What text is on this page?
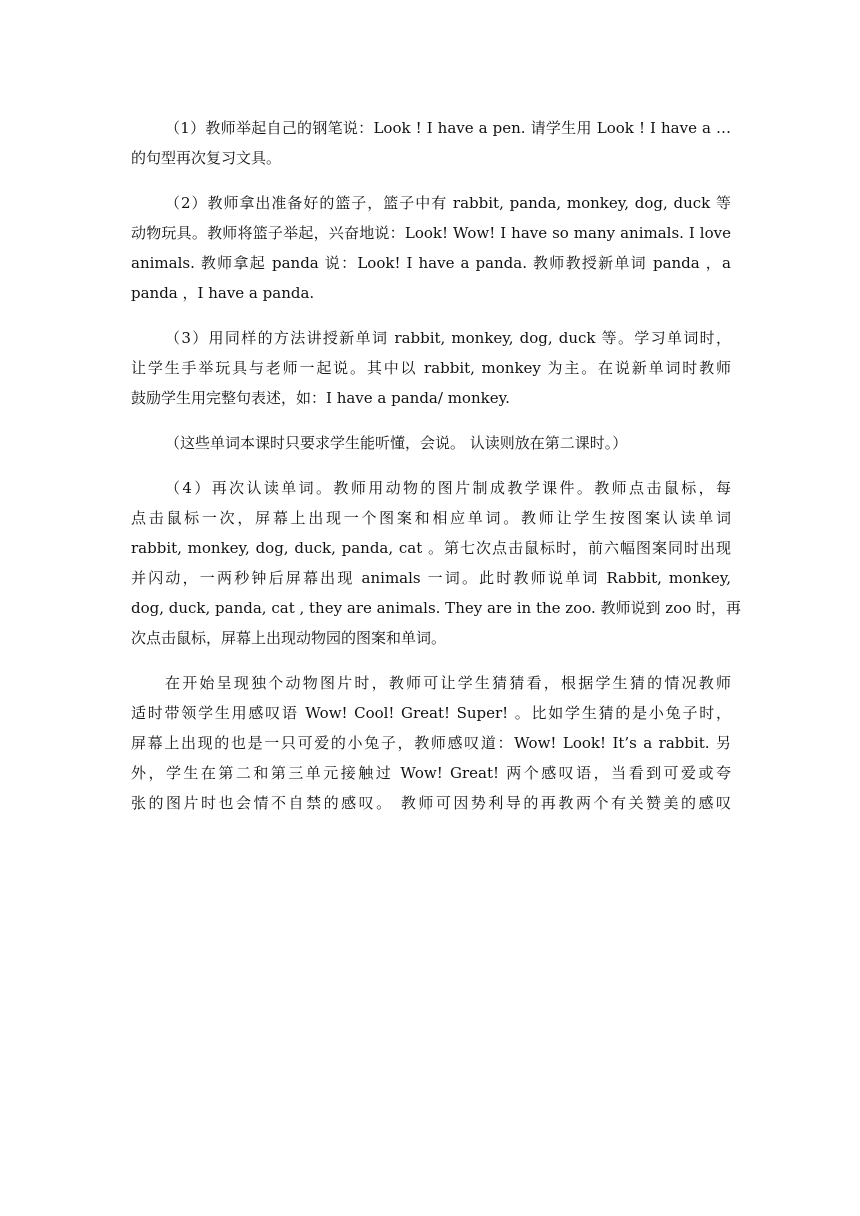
（1）教师举起自己的钢笔说：Look ! I have a pen. 请学生用 Look ! I have a …
的句型再次复习文具。

（2）教师拿出准备好的篮子，篮子中有 rabbit, panda, monkey, dog, duck 等
动物玩具。教师将篮子举起，兴奋地说：Look! Wow! I have so many animals. I love
animals. 教师拿起 panda 说：Look! I have a panda. 教师教授新单词 panda ，a
panda ，I have a panda.

（3）用同样的方法讲授新单词 rabbit, monkey, dog, duck 等。学习单词时，
让学生手举玩具与老师一起说。其中以 rabbit, monkey 为主。在说新单词时教师
鼓励学生用完整句表述，如：I have a panda/ monkey.

（这些单词本课时只要求学生能听懂，会说。 认读则放在第二课时。）

（4）再次认读单词。教师用动物的图片制成教学课件。教师点击鼠标，每
点击鼠标一次，屏幕上出现一个图案和相应单词。教师让学生按图案认读单词
rabbit, monkey, dog, duck, panda, cat 。第七次点击鼠标时，前六幅图案同时出现
并闪动，一两秒钟后屏幕出现 animals 一词。此时教师说单词 Rabbit, monkey,
dog, duck, panda, cat , they are animals. They are in the zoo. 教师说到 zoo 时，再
次点击鼠标，屏幕上出现动物园的图案和单词。

在开始呈现独个动物图片时，教师可让学生猜猜看，根据学生猜的情况教师
适时带领学生用感叹语 Wow! Cool! Great! Super! 。比如学生猜的是小兔子时，
屏幕上出现的也是一只可爱的小兔子，教师感叹道：Wow! Look! It’s a rabbit. 另
外，学生在第二和第三单元接触过 Wow! Great! 两个感叹语，当看到可爱或夸
张的图片时也会情不自禁的感叹。 教师可因势利导的再教两个有关赞美的感叹
